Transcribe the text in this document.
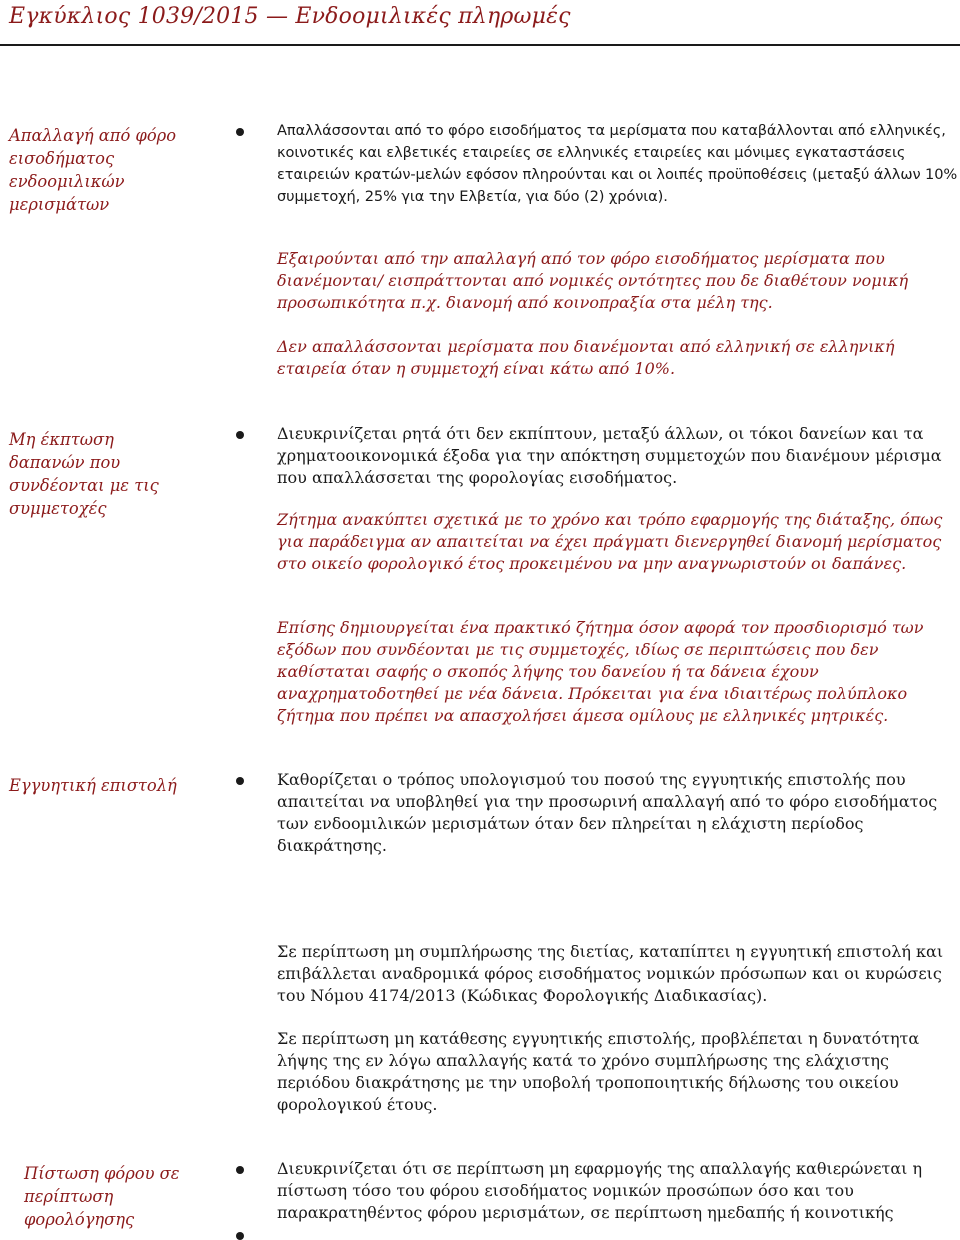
Εγκύκλιος 1039/2015 — Ενδοομιλικές πληρωμές
Απαλλαγή από φόρο εισοδήματος ενδοομιλικών μερισμάτων

Απαλλάσσονται από το φόρο εισοδήματος τα μερίσματα που καταβάλλονται από ελληνικές, κοινοτικές και ελβετικές εταιρείες σε ελληνικές εταιρείες και μόνιμες εγκαταστάσεις εταιρειών κρατών-μελών εφόσον πληρούνται και οι λοιπές προϋποθέσεις (μεταξύ άλλων 10% συμμετοχή, 25% για την Ελβετία, για δύο (2) χρόνια).

Εξαιρούνται από την απαλλαγή από τον φόρο εισοδήματος μερίσματα που διανέμονται/ εισπράττονται από νομικές οντότητες που δε διαθέτουν νομική προσωπικότητα π.χ. διανομή από κοινοπραξία στα μέλη της.

Δεν απαλλάσσονται μερίσματα που διανέμονται από ελληνική σε ελληνική εταιρεία όταν η συμμετοχή είναι κάτω από 10%.

Μη έκπτωση δαπανών που συνδέονται με τις συμμετοχές

Διευκρινίζεται ρητά ότι δεν εκπίπτουν, μεταξύ άλλων, οι τόκοι δανείων και τα χρηματοοικονομικά έξοδα για την απόκτηση συμμετοχών που διανέμουν μέρισμα που απαλλάσσεται της φορολογίας εισοδήματος.

Ζήτημα ανακύπτει σχετικά με το χρόνο και τρόπο εφαρμογής της διάταξης, όπως για παράδειγμα αν απαιτείται να έχει πράγματι διενεργηθεί διανομή μερίσματος στο οικείο φορολογικό έτος προκειμένου να μην αναγνωριστούν οι δαπάνες.

Επίσης δημιουργείται ένα πρακτικό ζήτημα όσον αφορά τον προσδιορισμό των εξόδων που συνδέονται με τις συμμετοχές, ιδίως σε περιπτώσεις που δεν καθίσταται σαφής ο σκοπός λήψης του δανείου ή τα δάνεια έχουν αναχρηματοδοτηθεί με νέα δάνεια. Πρόκειται για ένα ιδιαιτέρως πολύπλοκο ζήτημα που πρέπει να απασχολήσει άμεσα ομίλους με ελληνικές μητρικές.

Εγγυητική επιστολή	Καθορίζεται ο τρόπος υπολογισμού του ποσού της εγγυητικής επιστολής που απαιτείται να υποβληθεί για την προσωρινή απαλλαγή από το φόρο εισοδήματος των ενδοομιλικών μερισμάτων όταν δεν πληρείται η ελάχιστη περίοδος διακράτησης.

Σε περίπτωση μη συμπλήρωσης της διετίας, καταπίπτει η εγγυητική επιστολή και επιβάλλεται αναδρομικά φόρος εισοδήματος νομικών πρόσωπων και οι κυρώσεις του Νόμου 4174/2013 (Κώδικας Φορολογικής Διαδικασίας).

Σε περίπτωση μη κατάθεσης εγγυητικής επιστολής, προβλέπεται η δυνατότητα λήψης της εν λόγω απαλλαγής κατά το χρόνο συμπλήρωσης της ελάχιστης περιόδου διακράτησης με την υποβολή τροποποιητικής δήλωσης του οικείου φορολογικού έτους.

Πίστωση φόρου σε περίπτωση φορολόγησης

Διευκρινίζεται ότι σε περίπτωση μη εφαρμογής της απαλλαγής καθιερώνεται η πίστωση τόσο του φόρου εισοδήματος νομικών προσώπων όσο και του παρακρατηθέντος φόρου μερισμάτων, σε περίπτωση ημεδαπής ή κοινοτικής
